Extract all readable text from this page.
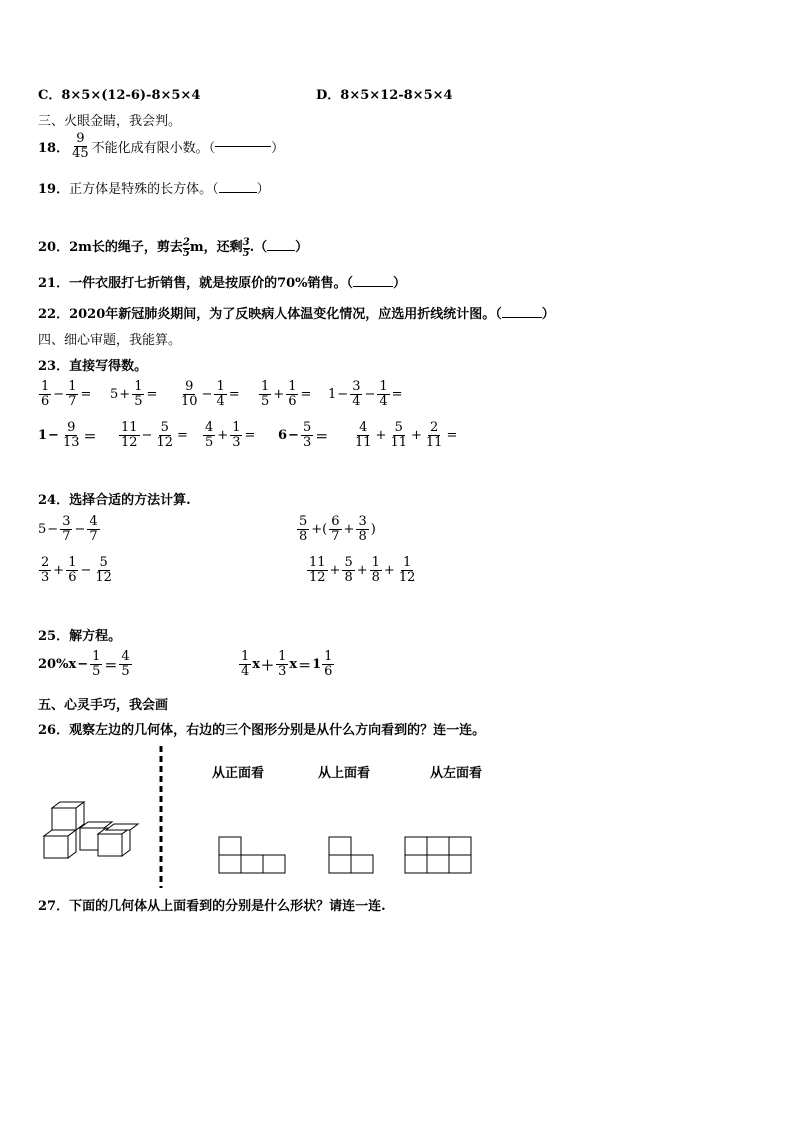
C．8×5×(12-6)-8×5×4	D．8×5×12-8×5×4
三、火眼金睛，我会判。
18． $\frac{9}{45}$ 不能化成有限小数。（	）
19．正方体是特殊的长方体。（	）
20．2m长的绳子，剪去 $\frac{2}{5}$ m，还剩 $\frac{3}{5}$ .（ ）
21．一件衣服打七折销售，就是按原价的70%销售。（	）
22．2020年新冠肺炎期间，为了反映病人体温变化情况，应选用折线统计图。（	）
四、细心审题，我能算。
23．直接写得数。
$\frac{1}{6} - \frac{1}{7} = 5 + \frac{1}{5} = \frac{9}{10} - \frac{1}{4} = \frac{1}{5} + \frac{1}{6} = 1 - \frac{3}{4} - \frac{1}{4}$ =
$1 - \frac{9}{13} = \frac{11}{12} - \frac{5}{12} = \frac{4}{5} + \frac{1}{3} = 6 - \frac{5}{3} = \frac{4}{11} + \frac{5}{11} + \frac{2}{11}$ =
24．选择合适的方法计算.
$5 - \frac{3}{7} - \frac{4}{7}$	$\frac{5}{8}$ +( $\frac{6}{7} + \frac{3}{8}$ )
$\frac{2}{3} + \frac{1}{6} - \frac{5}{12}$	$\frac{11}{12} + \frac{5}{8} + \frac{1}{8} + \frac{1}{12}$
25．解方程。
$20\%x - \frac{1}{5} = \frac{4}{5}$	$\frac{1}{4}$ $x + \frac{1}{3}$ $x = 1 \frac{1}{6}$
五、心灵手巧，我会画
26．观察左边的几何体，右边的三个图形分别是从什么方向看到的？连一连。
从正面看	从上面看	从左面看
27．下面的几何体从上面看到的分别是什么形状？请连一连.
